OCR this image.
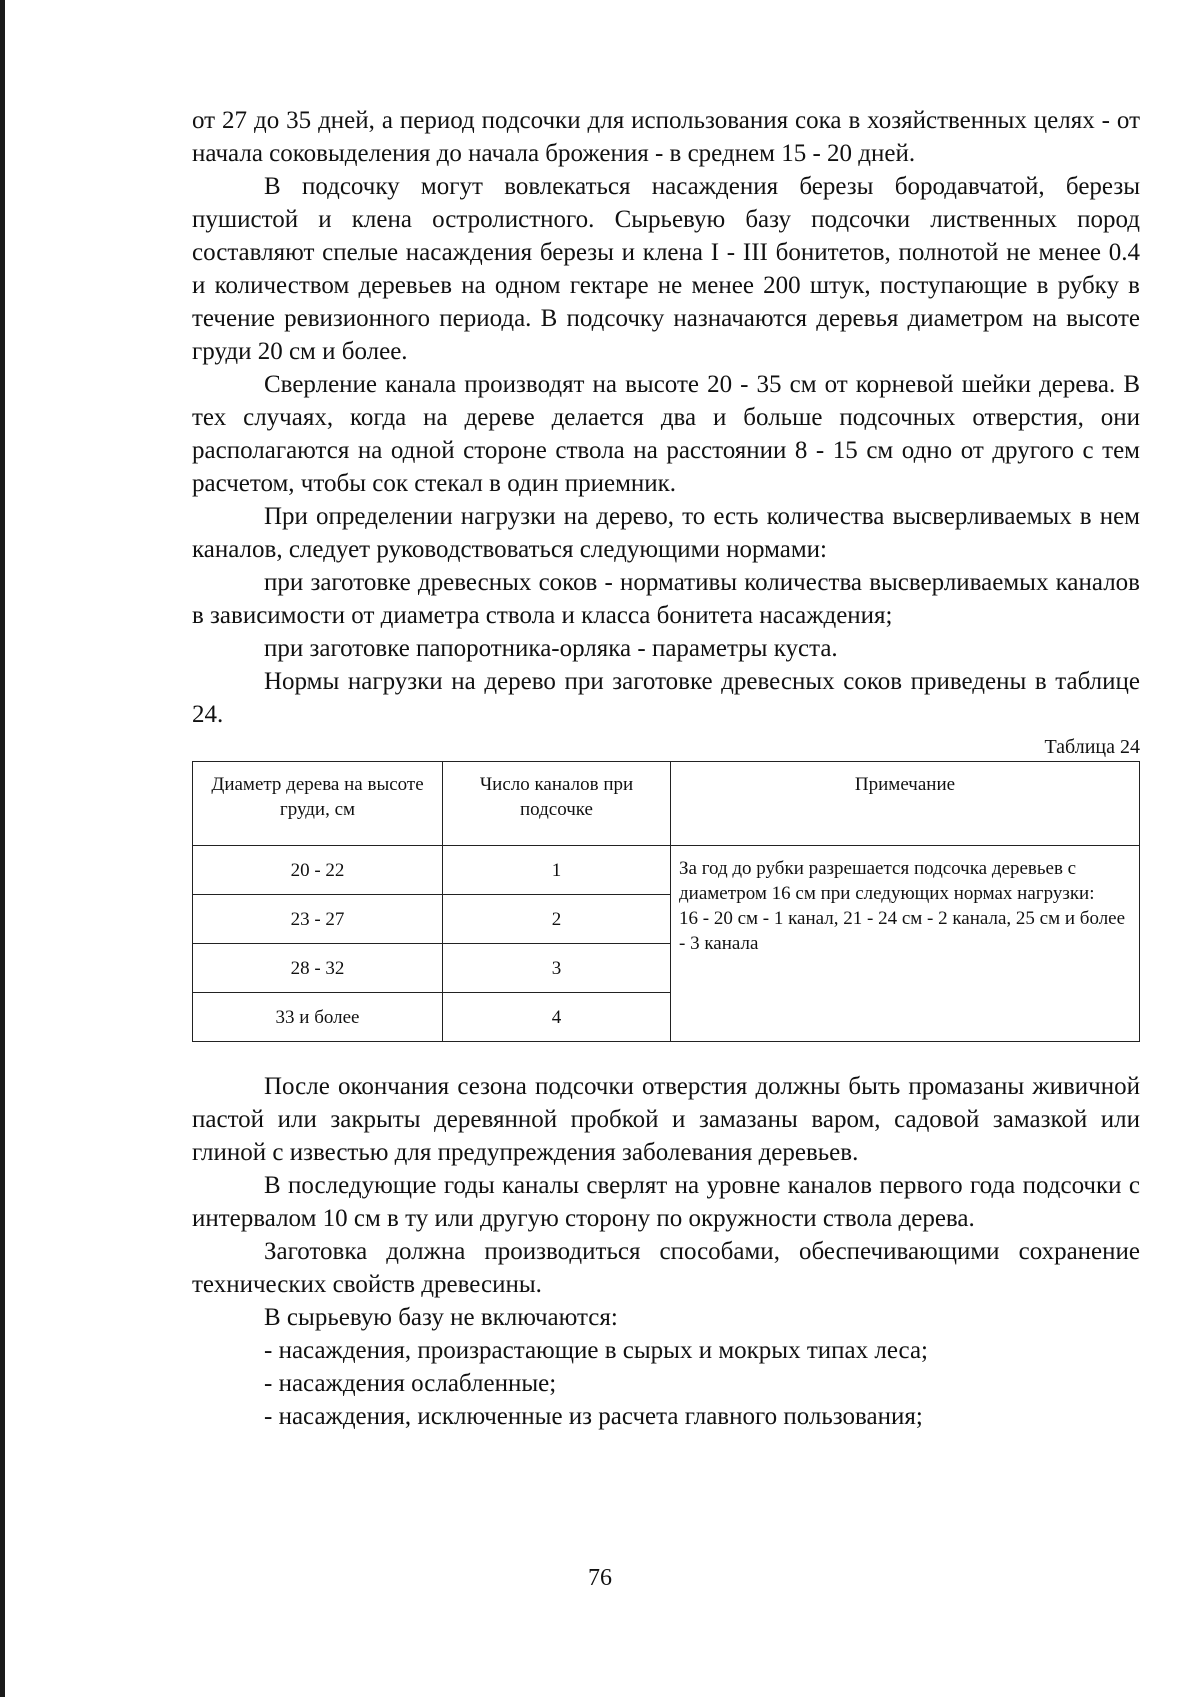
от 27 до 35 дней, а период подсочки для использования сока в хозяйственных целях - от начала соковыделения до начала брожения - в среднем 15 - 20 дней.

В подсочку могут вовлекаться насаждения березы бородавчатой, березы пушистой и клена остролистного. Сырьевую базу подсочки лиственных пород составляют спелые насаждения березы и клена I - III бонитетов, полнотой не менее 0.4 и количеством деревьев на одном гектаре не менее 200 штук, поступающие в рубку в течение ревизионного периода. В подсочку назначаются деревья диаметром на высоте груди 20 см и более.

Сверление канала производят на высоте 20 - 35 см от корневой шейки дерева. В тех случаях, когда на дереве делается два и больше подсочных отверстия, они располагаются на одной стороне ствола на расстоянии 8 - 15 см одно от другого с тем расчетом, чтобы сок стекал в один приемник.

При определении нагрузки на дерево, то есть количества высверливаемых в нем каналов, следует руководствоваться следующими нормами:

при заготовке древесных соков - нормативы количества высверливаемых каналов в зависимости от диаметра ствола и класса бонитета насаждения;

при заготовке папоротника-орляка - параметры куста.

Нормы нагрузки на дерево при заготовке древесных соков приведены в таблице 24.

Таблица 24
Диаметр дерева на высоте груди, см	Число каналов при подсочке	Примечание
20 - 22	1	За год до рубки разрешается подсочка деревьев с диаметром 16 см при следующих нормах нагрузки:
16 - 20 см - 1 канал, 21 - 24 см - 2 канала, 25 см и более - 3 канала

23 - 27	2	
28 - 32	3	
33 и более	4	

После окончания сезона подсочки отверстия должны быть промазаны живичной пастой или закрыты деревянной пробкой и замазаны варом, садовой замазкой или глиной с известью для предупреждения заболевания деревьев.

В последующие годы каналы сверлят на уровне каналов первого года подсочки с интервалом 10 см в ту или другую сторону по окружности ствола дерева.

Заготовка должна производиться способами, обеспечивающими сохранение технических свойств древесины.

В сырьевую базу не включаются:

- насаждения, произрастающие в сырых и мокрых типах леса;

- насаждения ослабленные;

- насаждения, исключенные из расчета главного пользования;

76
